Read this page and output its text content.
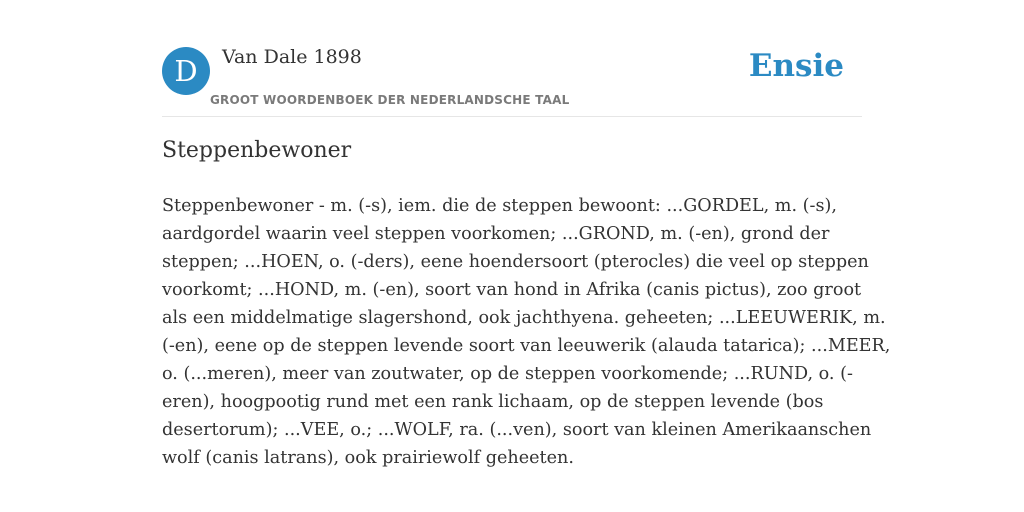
D	Van Dale 1898
GROOT WOORDENBOEK DER NEDERLANDSCHE TAAL
Ensie
Steppenbewoner
Steppenbewoner - m. (-s), iem. die de steppen bewoont: ...GORDEL, m. (-s),
aardgordel waarin veel steppen voorkomen; ...GROND, m. (-en), grond der
steppen; ...HOEN, o. (-ders), eene hoendersoort (pterocles) die veel op steppen
voorkomt; ...HOND, m. (-en), soort van hond in Afrika (canis pictus), zoo groot
als een middelmatige slagershond, ook jachthyena. geheeten; ...LEEUWERIK, m.
(-en), eene op de steppen levende soort van leeuwerik (alauda tatarica); ...MEER,
o. (...meren), meer van zoutwater, op de steppen voorkomende; ...RUND, o. (-
eren), hoogpootig rund met een rank lichaam, op de steppen levende (bos
desertorum); ...VEE, o.; ...WOLF, ra. (...ven), soort van kleinen Amerikaanschen
wolf (canis latrans), ook prairiewolf geheeten.
